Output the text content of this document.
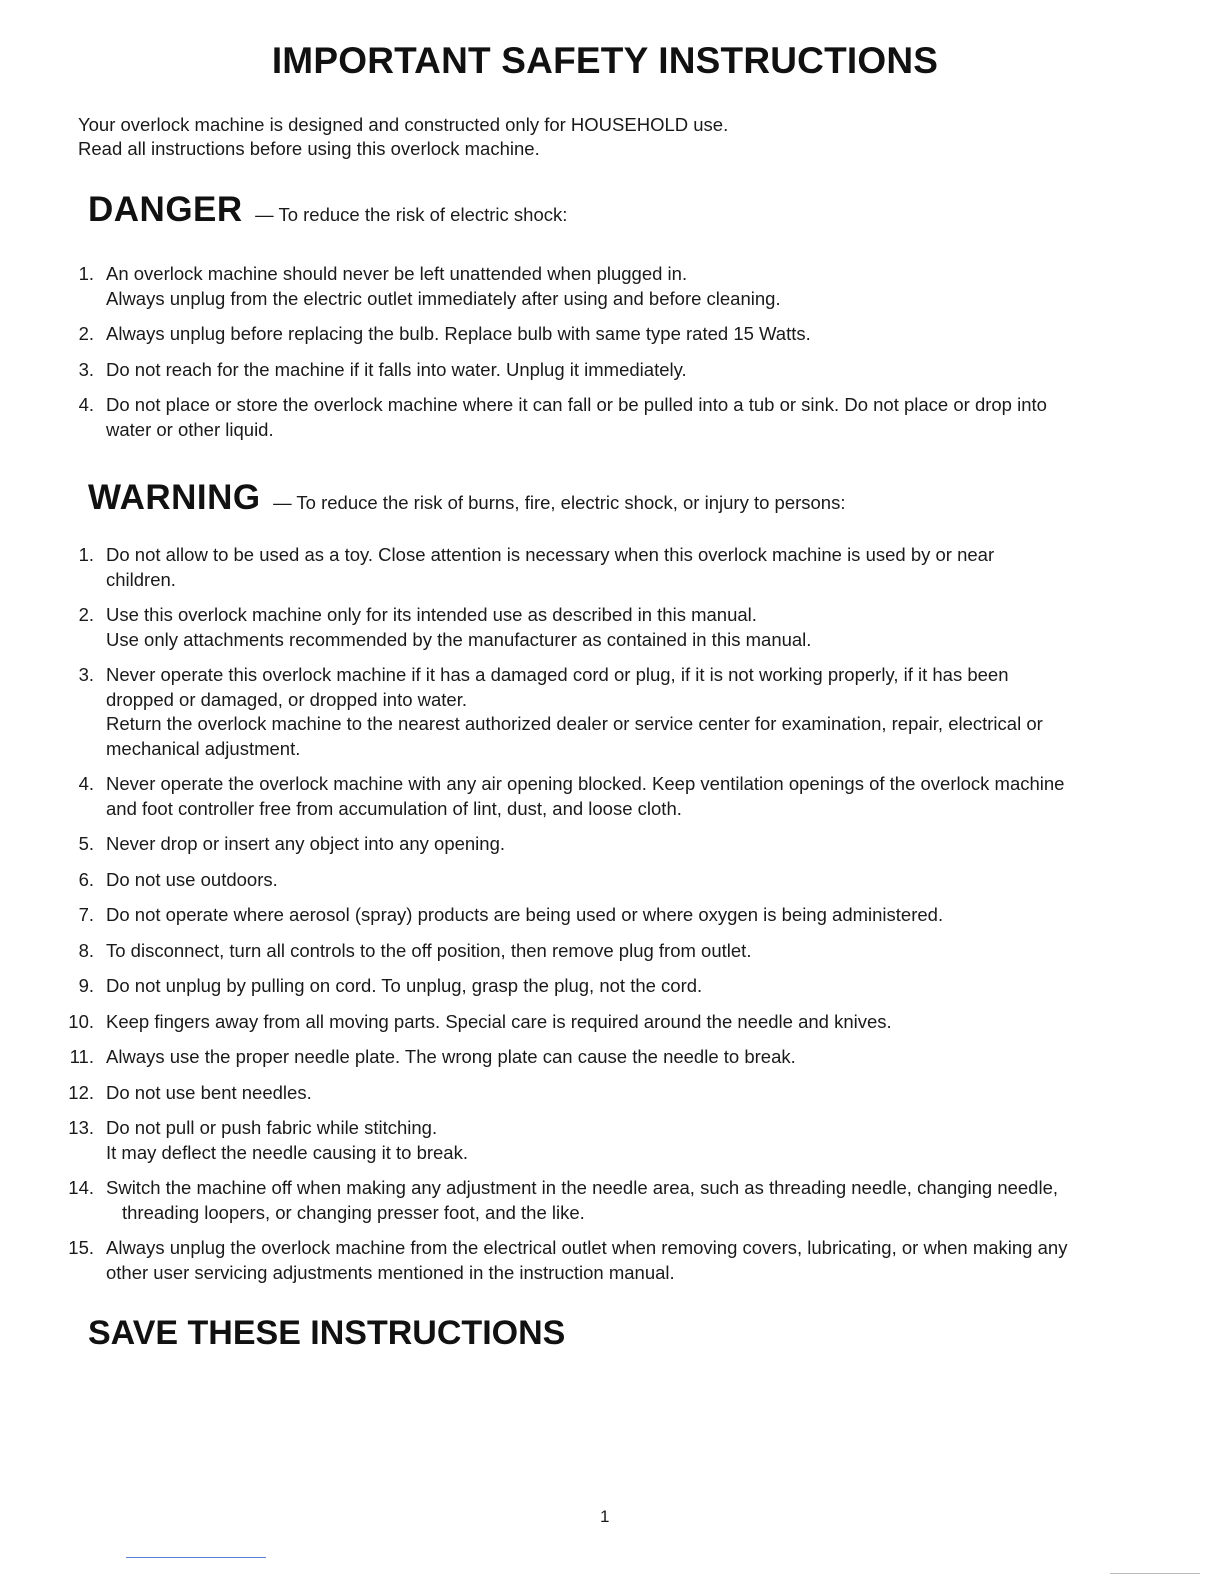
IMPORTANT SAFETY INSTRUCTIONS
Your overlock machine is designed and constructed only for HOUSEHOLD use.
Read all instructions before using this overlock machine.
DANGER — To reduce the risk of electric shock:
1. An overlock machine should never be left unattended when plugged in.
Always unplug from the electric outlet immediately after using and before cleaning.
2. Always unplug before replacing the bulb. Replace bulb with same type rated 15 Watts.
3. Do not reach for the machine if it falls into water. Unplug it immediately.
4. Do not place or store the overlock machine where it can fall or be pulled into a tub or sink. Do not place or drop into
water or other liquid.
WARNING — To reduce the risk of burns, fire, electric shock, or injury to persons:
1. Do not allow to be used as a toy. Close attention is necessary when this overlock machine is used by or near
children.
2. Use this overlock machine only for its intended use as described in this manual.
Use only attachments recommended by the manufacturer as contained in this manual.
3. Never operate this overlock machine if it has a damaged cord or plug, if it is not working properly, if it has been
dropped or damaged, or dropped into water.
Return the overlock machine to the nearest authorized dealer or service center for examination, repair, electrical or
mechanical adjustment.
4. Never operate the overlock machine with any air opening blocked. Keep ventilation openings of the overlock machine
and foot controller free from accumulation of lint, dust, and loose cloth.
5. Never drop or insert any object into any opening.
6. Do not use outdoors.
7. Do not operate where aerosol (spray) products are being used or where oxygen is being administered.
8. To disconnect, turn all controls to the off position, then remove plug from outlet.
9. Do not unplug by pulling on cord. To unplug, grasp the plug, not the cord.
10. Keep fingers away from all moving parts. Special care is required around the needle and knives.
11. Always use the proper needle plate. The wrong plate can cause the needle to break.
12. Do not use bent needles.
13. Do not pull or push fabric while stitching.
It may deflect the needle causing it to break.
14. Switch the machine off when making any adjustment in the needle area, such as threading needle, changing needle,
threading loopers, or changing presser foot, and the like.
15. Always unplug the overlock machine from the electrical outlet when removing covers, lubricating, or when making any
other user servicing adjustments mentioned in the instruction manual.
SAVE THESE INSTRUCTIONS
1
